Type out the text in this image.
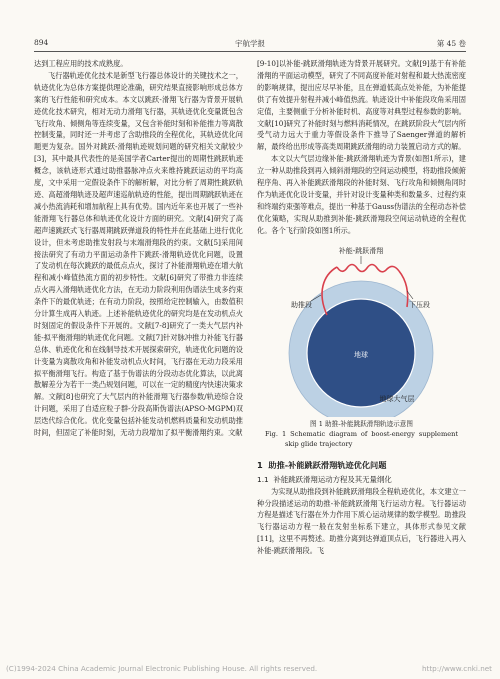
894	宇航学报	第 45 卷

达到工程应用的技术成熟度。

飞行器轨迹优化技术是新型飞行器总体设计的关键技术之一，轨迹优化为总体方案提供理论准确，研究结果直接影响形成总体方案的飞行性能和研究成本。本文以跳跃-滑翔飞行器为背景开展轨迹优化技术研究，相对无动力滑翔飞行器，其轨迹优化变量既包含飞行攻角、倾侧角等连续变量，又包含补能时刻和补能推力等离散控制变量，同时还一并考虑了含助推段的全程优化，其轨迹优化问题更为复杂。国外对跳跃-滑翔轨迹规划问题的研究相关文献较少[3]，其中最具代表性的是美国学者Carter提出的周期性跳跃轨迹概念，该轨迹形式通过助推器脉冲点火来维持跳跃运动的平均高度，文中采用一定假设条件下的解析解，对比分析了周期性跳跃轨迹、高超滑翔轨迹及超声速巡航轨迹的性能，提出周期跳跃轨迹在减小热流消耗和增加航程上具有优势。国内近年来也开展了一些补能滑翔飞行器总体和轨迹优化设计方面的研究。文献[4]研究了高超声速跳跃式飞行器周期跳跃弹道段的特性并在此基础上进行优化设计，但未考虑助推发射段与末端滑翔段的约束。文献[5]采用间接法研究了有动力平面运动条件下跳跃-滑翔轨迹优化问题，设置了发动机在每次跳跃的最低点点火，探讨了补能滑翔轨迹在增大航程和减小峰值热流方面的初步特性。文献[6]研究了带推力非连续点火再入滑翔轨迹优化方法，在无动力阶段利用伪谱法生成多约束条件下的最优轨迹；在有动力阶段，按照给定控制输入，由数值积分计算生成再入轨迹。上述补能轨迹优化的研究均是在发动机点火时刻固定的假设条件下开展的。文献[7-8]研究了一类大气层内补能-拟平衡滑翔的轨迹优化问题。文献[7]针对脉冲推力补能飞行器总体、轨迹优化和在线制导技术开展探索研究，轨迹优化问题的设计变量为离散攻角和补能发动机点火时间，飞行器在无动力段采用拟平衡滑翔飞行。构造了基于伪谱法的分段动态优化算法，以此离散解差分为若干一类凸规划问题，可以在一定的精度内快速决策求解。文献[8]也研究了大气层内的补能滑翔飞行器参数/轨迹综合设计问题，采用了自适应粒子群-分段高斯伪谱法(APSO-MGPM)双层迭代综合优化。优化变量包括补能发动机燃料质量和发动机助推时间，但固定了补能时刻，无动力段增加了拟平衡滑翔约束。文献

[9-10]以补能-跳跃滑翔轨迹为背景开展研究。文献[9]基于有补能滑翔的平面运动模型，研究了不同高度补能对射程和最大热流密度的影响规律，提出应尽早补能，且在弹道低高点处补能，为补能提供了有效提升射程并减小峰值热流。轨迹设计中补能段攻角采用固定值，主要侧重于分析补能时机、高度等对典型过程参数的影响。文献[10]研究了补能时刻与燃料消耗情况，在跳跃阶段大气层内所受气动力远大于重力等假设条件下推导了Saenger弹道的解析解，最终给出形成等高类周期跳跃滑翔的动力装置启动方式的解。

本文以大气层边缘补能-跳跃滑翔轨迹为背景(如图1所示)，建立一种从助推段到再入倾斜滑翔段的空间运动模型，将助推段倾俯程序角、再入补能跳跃滑翔段的补能时刻、飞行攻角和倾侧角同时作为轨迹优化设计变量，并针对设计变量种类和数量多、过程约束和终端约束强等难点，提出一种基于Gauss伪谱法的全程动态补偿优化策略，实现从助推到补能-跳跃滑翔段空间运动轨迹的全程优化。各个飞行阶段如图1所示。

补能-跳跃滑翔
助推段	下压段
地球
地球大气层
图 1 助推-补能跳跃滑翔轨迹示意图
Fig. 1 Schematic diagram of boost-energy supplement skip glide trajectory
1 助推-补能跳跃滑翔轨迹优化问题
1.1 补能跳跃滑翔运动方程及其无量纲化

为实现从助推段到补能跳跃滑翔段全程轨迹优化，本文建立一种分段描述运动的助推-补能跳跃滑翔飞行运动方程。飞行器运动方程是描述飞行器在外力作用下质心运动规律的数学模型。助推段飞行器运动方程一般在发射坐标系下建立，具体形式参见文献[11]，这里不再赘述。助推分离到达弹道顶点后，飞行器进入再入补能-跳跃滑翔段。飞

(C)1994-2024 China Academic Journal Electronic Publishing House. All rights reserved.	http://www.cnki.net
